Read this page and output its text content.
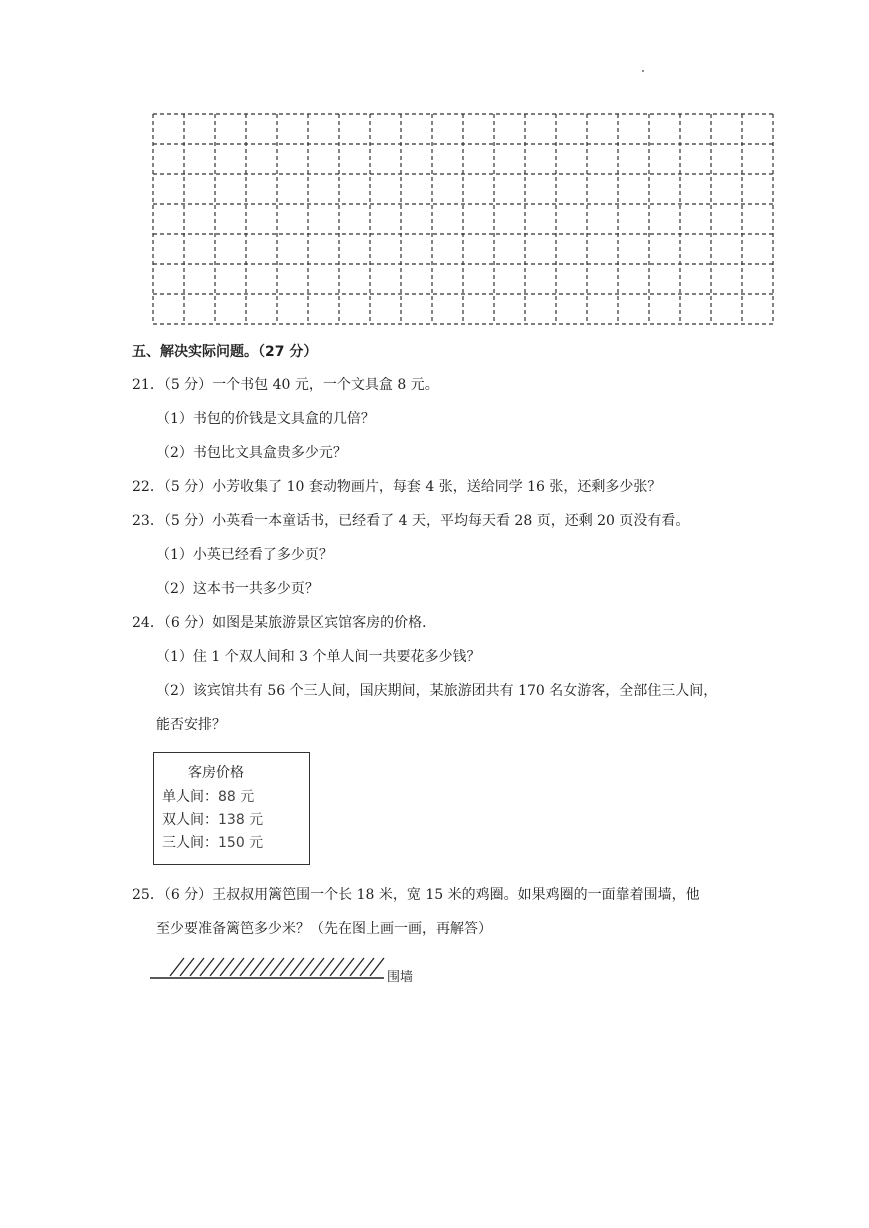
五、解决实际问题。（27 分）
21．（5 分）一个书包 40 元，一个文具盒 8 元。
（1）书包的价钱是文具盒的几倍？
（2）书包比文具盒贵多少元？
22．（5 分）小芳收集了 10 套动物画片，每套 4 张，送给同学 16 张，还剩多少张？
23．（5 分）小英看一本童话书，已经看了 4 天，平均每天看 28 页，还剩 20 页没有看。
（1）小英已经看了多少页？
（2）这本书一共多少页？
24．（6 分）如图是某旅游景区宾馆客房的价格．
（1）住 1 个双人间和 3 个单人间一共要花多少钱？
（2）该宾馆共有 56 个三人间，国庆期间，某旅游团共有 170 名女游客，全部住三人间，
能否安排？
客房价格
单人间：88 元
双人间：138 元
三人间：150 元
25．（6 分）王叔叔用篱笆围一个长 18 米，宽 15 米的鸡圈。如果鸡圈的一面靠着围墙，他
至少要准备篱笆多少米？（先在图上画一画，再解答）
围墙
